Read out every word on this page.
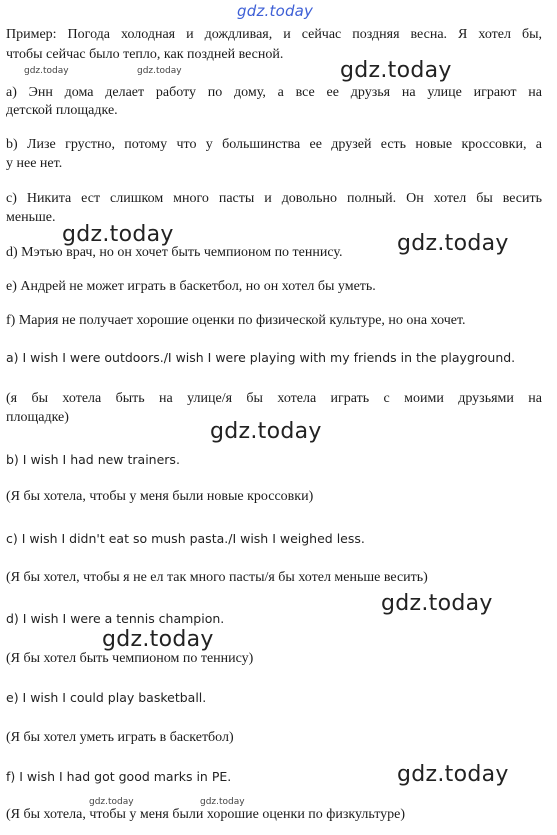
gdz.today
Пример: Погода холодная и дождливая, и сейчас поздняя весна. Я хотел бы,
чтобы сейчас было тепло, как поздней весной.
a) Энн дома делает работу по дому, а все ее друзья на улице играют на
детской площадке.
b) Лизе грустно, потому что у большинства ее друзей есть новые кроссовки, а
у нее нет.
c) Никита ест слишком много пасты и довольно полный. Он хотел бы весить
меньше.
d) Мэтью врач, но он хочет быть чемпионом по теннису.
e) Андрей не может играть в баскетбол, но он хотел бы уметь.
f) Мария не получает хорошие оценки по физической культуре, но она хочет.
a) I wish I were outdoors./I wish I were playing with my friends in the playground.
(я бы хотела быть на улице/я бы хотела играть с моими друзьями на
площадке)
b) I wish I had new trainers.
(Я бы хотела, чтобы у меня были новые кроссовки)
c) I wish I didn't eat so mush pasta./I wish I weighed less.
(Я бы хотел, чтобы я не ел так много пасты/я бы хотел меньше весить)
d) I wish I were a tennis champion.
(Я бы хотел быть чемпионом по теннису)
e) I wish I could play basketball.
(Я бы хотел уметь играть в баскетбол)
f) I wish I had got good marks in PE.
(Я бы хотела, чтобы у меня были хорошие оценки по физкультуре)
gdz.today	gdz.today	gdz.today
gdz.today	gdz.today
gdz.today
gdz.today
gdz.today
gdz.today
gdz.today	gdz.today
